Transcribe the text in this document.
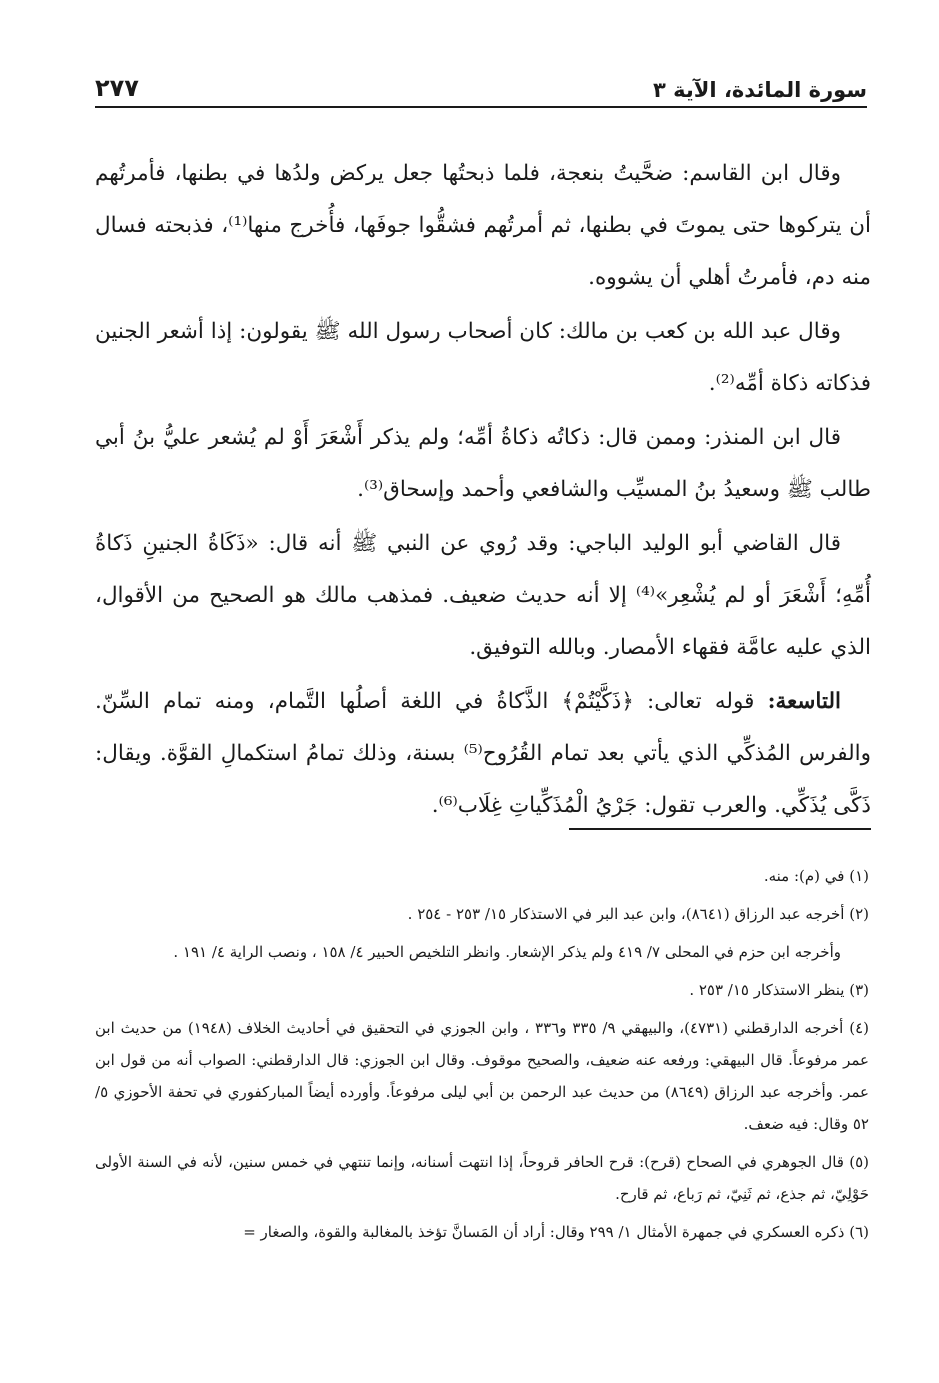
سورة المائدة، الآية ٣
٢٧٧

وقال ابن القاسم: ضحَّيتُ بنعجة، فلما ذبحتُها جعل يركض ولدُها في بطنها، فأمرتُهم أن يتركوها حتى يموتَ في بطنها، ثم أمرتُهم فشقُّوا جوفَها، فأُخرج منها⁽¹⁾، فذبحته فسال منه دم، فأمرتُ أهلي أن يشووه.

وقال عبد الله بن كعب بن مالك: كان أصحاب رسول الله ﷺ يقولون: إذا أشعر الجنين فذكاته ذكاة أمِّه⁽²⁾.

قال ابن المنذر: وممن قال: ذكاتُه ذكاةُ أمِّه؛ ولم يذكر أَشْعَرَ أَوْ لم يُشعر عليُّ بنُ أبي طالب ﷺ وسعيدُ بنُ المسيِّب والشافعي وأحمد وإسحاق⁽³⁾.

قال القاضي أبو الوليد الباجي: وقد رُوي عن النبي ﷺ أنه قال: «ذَكَاةُ الجنينِ ذَكاةُ أُمِّهِ؛ أَشْعَرَ أو لم يُشْعِر»⁽⁴⁾ إلا أنه حديث ضعيف. فمذهب مالك هو الصحيح من الأقوال، الذي عليه عامَّة فقهاء الأمصار. وبالله التوفيق.

التاسعة: قوله تعالى: ﴿ذَكَّيْتُمْ﴾ الذَّكاةُ في اللغة أصلُها التَّمام، ومنه تمام السِّنّ. والفرس المُذكِّي الذي يأتي بعد تمام القُرُوح⁽⁵⁾ بسنة، وذلك تمامُ استكمالِ القوَّة. ويقال: ذَكَّى يُذَكِّي. والعرب تقول: جَرْيُ الْمُذَكِّياتِ غِلَاب⁽⁶⁾.

(١) في (م): منه.

(٢) أخرجه عبد الرزاق (٨٦٤١)، وابن عبد البر في الاستذكار ١٥/ ٢٥٣ - ٢٥٤ .

وأخرجه ابن حزم في المحلى ٧/ ٤١٩ ولم يذكر الإشعار. وانظر التلخيص الحبير ٤/ ١٥٨ ، ونصب الراية ٤/ ١٩١ .

(٣) ينظر الاستذكار ١٥/ ٢٥٣ .

(٤) أخرجه الدارقطني (٤٧٣١)، والبيهقي ٩/ ٣٣٥ و٣٣٦ ، وابن الجوزي في التحقيق في أحاديث الخلاف (١٩٤٨) من حديث ابن عمر مرفوعاً. قال البيهقي: ورفعه عنه ضعيف، والصحيح موقوف. وقال ابن الجوزي: قال الدارقطني: الصواب أنه من قول ابن عمر. وأخرجه عبد الرزاق (٨٦٤٩) من حديث عبد الرحمن بن أبي ليلى مرفوعاً. وأورده أيضاً المباركفوري في تحفة الأحوزي ٥/ ٥٢ وقال: فيه ضعف.

(٥) قال الجوهري في الصحاح (قرح): قرح الحافر قروحاً، إذا انتهت أسنانه، وإنما تنتهي في خمس سنين، لأنه في السنة الأولى حَوْلِيّ، ثم جذع، ثم ثَنِيّ، ثم رَباع، ثم قارح.

(٦) ذكره العسكري في جمهرة الأمثال ١/ ٢٩٩ وقال: أراد أن المَسانَّ تؤخذ بالمغالبة والقوة، والصغار =
